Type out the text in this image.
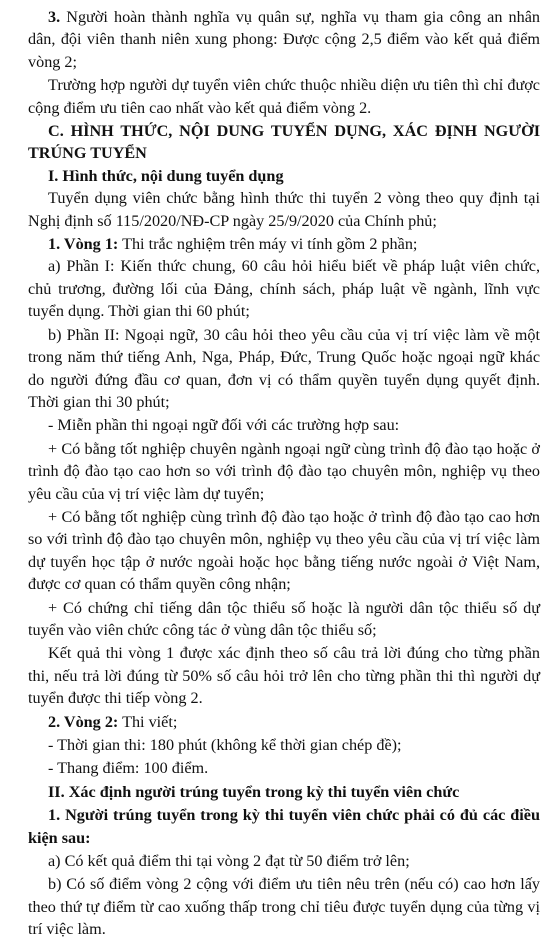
3. Người hoàn thành nghĩa vụ quân sự, nghĩa vụ tham gia công an nhân dân, đội viên thanh niên xung phong: Được cộng 2,5 điểm vào kết quả điểm vòng 2;

Trường hợp người dự tuyển viên chức thuộc nhiều diện ưu tiên thì chỉ được cộng điểm ưu tiên cao nhất vào kết quả điểm vòng 2.

C. HÌNH THỨC, NỘI DUNG TUYỂN DỤNG, XÁC ĐỊNH NGƯỜI TRÚNG TUYỂN

I. Hình thức, nội dung tuyển dụng

Tuyển dụng viên chức bằng hình thức thi tuyển 2 vòng theo quy định tại Nghị định số 115/2020/NĐ-CP ngày 25/9/2020 của Chính phủ;

1. Vòng 1: Thi trắc nghiệm trên máy vi tính gồm 2 phần;

a) Phần I: Kiến thức chung, 60 câu hỏi hiểu biết về pháp luật viên chức, chủ trương, đường lối của Đảng, chính sách, pháp luật về ngành, lĩnh vực tuyển dụng. Thời gian thi 60 phút;

b) Phần II: Ngoại ngữ, 30 câu hỏi theo yêu cầu của vị trí việc làm về một trong năm thứ tiếng Anh, Nga, Pháp, Đức, Trung Quốc hoặc ngoại ngữ khác do người đứng đầu cơ quan, đơn vị có thẩm quyền tuyển dụng quyết định. Thời gian thi 30 phút;

- Miễn phần thi ngoại ngữ đối với các trường hợp sau:

+ Có bằng tốt nghiệp chuyên ngành ngoại ngữ cùng trình độ đào tạo hoặc ở trình độ đào tạo cao hơn so với trình độ đào tạo chuyên môn, nghiệp vụ theo yêu cầu của vị trí việc làm dự tuyển;

+ Có bằng tốt nghiệp cùng trình độ đào tạo hoặc ở trình độ đào tạo cao hơn so với trình độ đào tạo chuyên môn, nghiệp vụ theo yêu cầu của vị trí việc làm dự tuyển học tập ở nước ngoài hoặc học bằng tiếng nước ngoài ở Việt Nam, được cơ quan có thẩm quyền công nhận;

+ Có chứng chỉ tiếng dân tộc thiểu số hoặc là người dân tộc thiểu số dự tuyển vào viên chức công tác ở vùng dân tộc thiểu số;

Kết quả thi vòng 1 được xác định theo số câu trả lời đúng cho từng phần thi, nếu trả lời đúng từ 50% số câu hỏi trở lên cho từng phần thi thì người dự tuyển được thi tiếp vòng 2.

2. Vòng 2: Thi viết;

- Thời gian thi: 180 phút (không kể thời gian chép đề);

- Thang điểm: 100 điểm.

II. Xác định người trúng tuyển trong kỳ thi tuyển viên chức

1. Người trúng tuyển trong kỳ thi tuyển viên chức phải có đủ các điều kiện sau:

a) Có kết quả điểm thi tại vòng 2 đạt từ 50 điểm trở lên;

b) Có số điểm vòng 2 cộng với điểm ưu tiên nêu trên (nếu có) cao hơn lấy theo thứ tự điểm từ cao xuống thấp trong chỉ tiêu được tuyển dụng của từng vị trí việc làm.
